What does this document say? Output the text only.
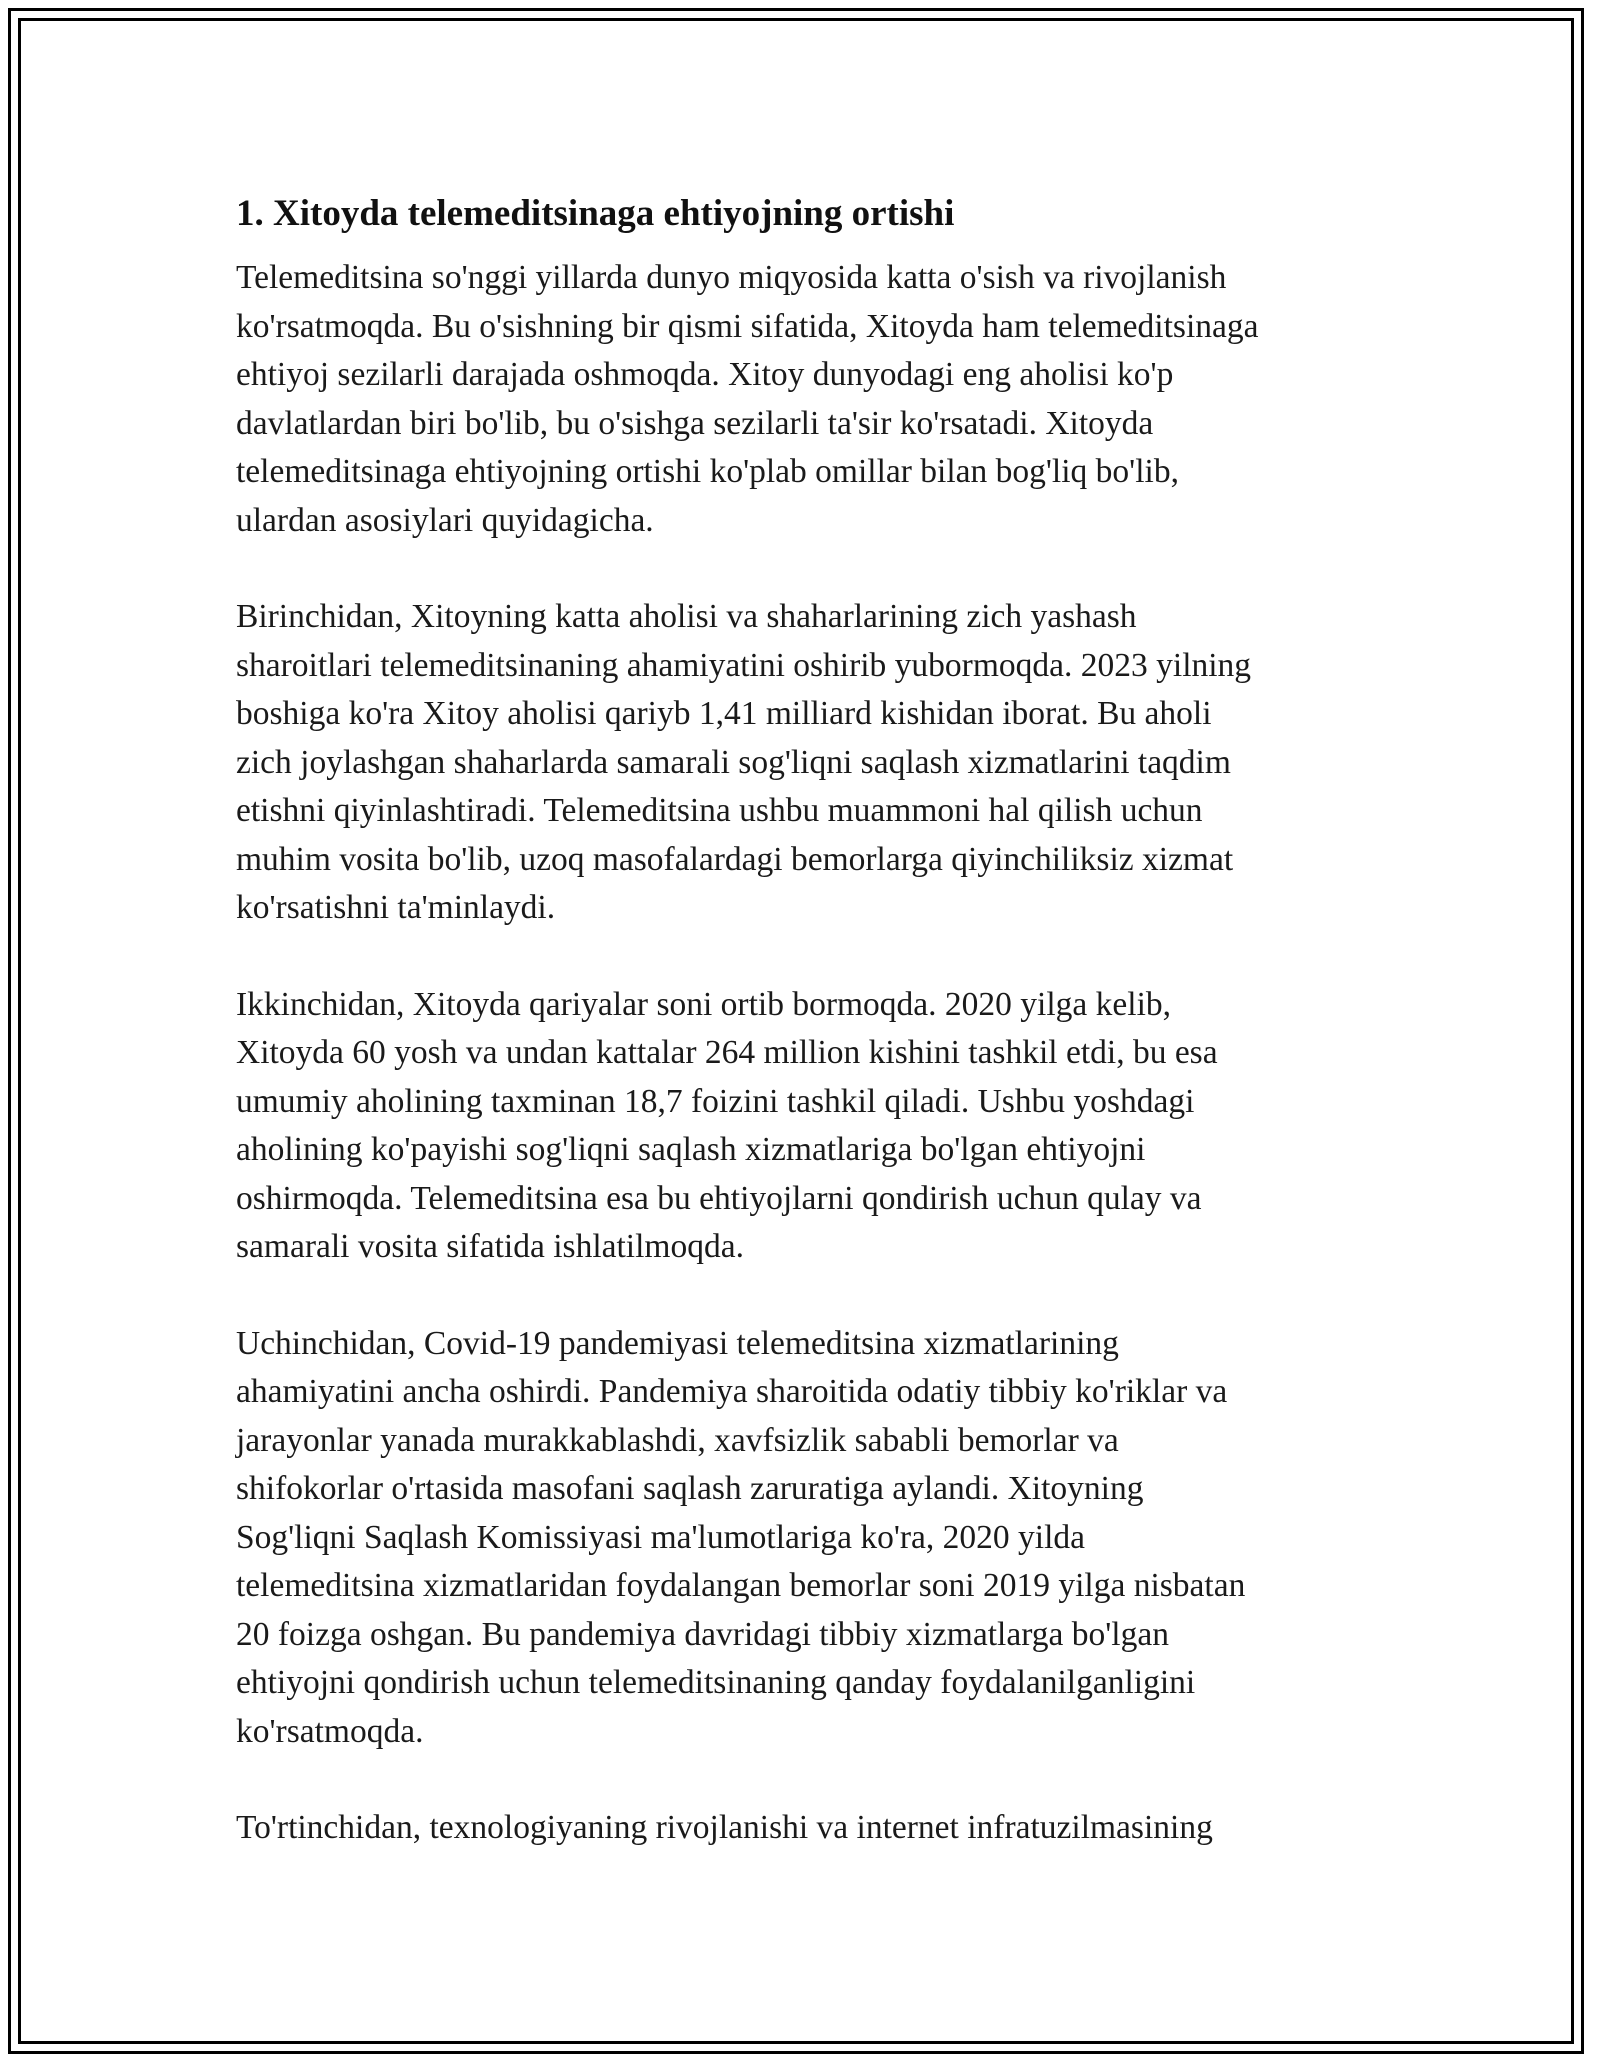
1. Xitoyda telemeditsinaga ehtiyojning ortishi

Telemeditsina so'nggi yillarda dunyo miqyosida katta o'sish va rivojlanish
ko'rsatmoqda. Bu o'sishning bir qismi sifatida, Xitoyda ham telemeditsinaga
ehtiyoj sezilarli darajada oshmoqda. Xitoy dunyodagi eng aholisi ko'p
davlatlardan biri bo'lib, bu o'sishga sezilarli ta'sir ko'rsatadi. Xitoyda
telemeditsinaga ehtiyojning ortishi ko'plab omillar bilan bog'liq bo'lib,
ulardan asosiylari quyidagicha.

Birinchidan, Xitoyning katta aholisi va shaharlarining zich yashash
sharoitlari telemeditsinaning ahamiyatini oshirib yubormoqda. 2023 yilning
boshiga ko'ra Xitoy aholisi qariyb 1,41 milliard kishidan iborat. Bu aholi
zich joylashgan shaharlarda samarali sog'liqni saqlash xizmatlarini taqdim
etishni qiyinlashtiradi. Telemeditsina ushbu muammoni hal qilish uchun
muhim vosita bo'lib, uzoq masofalardagi bemorlarga qiyinchiliksiz xizmat
ko'rsatishni ta'minlaydi.

Ikkinchidan, Xitoyda qariyalar soni ortib bormoqda. 2020 yilga kelib,
Xitoyda 60 yosh va undan kattalar 264 million kishini tashkil etdi, bu esa
umumiy aholining taxminan 18,7 foizini tashkil qiladi. Ushbu yoshdagi
aholining ko'payishi sog'liqni saqlash xizmatlariga bo'lgan ehtiyojni
oshirmoqda. Telemeditsina esa bu ehtiyojlarni qondirish uchun qulay va
samarali vosita sifatida ishlatilmoqda.

Uchinchidan, Covid-19 pandemiyasi telemeditsina xizmatlarining
ahamiyatini ancha oshirdi. Pandemiya sharoitida odatiy tibbiy ko'riklar va
jarayonlar yanada murakkablashdi, xavfsizlik sababli bemorlar va
shifokorlar o'rtasida masofani saqlash zaruratiga aylandi. Xitoyning
Sog'liqni Saqlash Komissiyasi ma'lumotlariga ko'ra, 2020 yilda
telemeditsina xizmatlaridan foydalangan bemorlar soni 2019 yilga nisbatan
20 foizga oshgan. Bu pandemiya davridagi tibbiy xizmatlarga bo'lgan
ehtiyojni qondirish uchun telemeditsinaning qanday foydalanilganligini
ko'rsatmoqda.

To'rtinchidan, texnologiyaning rivojlanishi va internet infratuzilmasining
